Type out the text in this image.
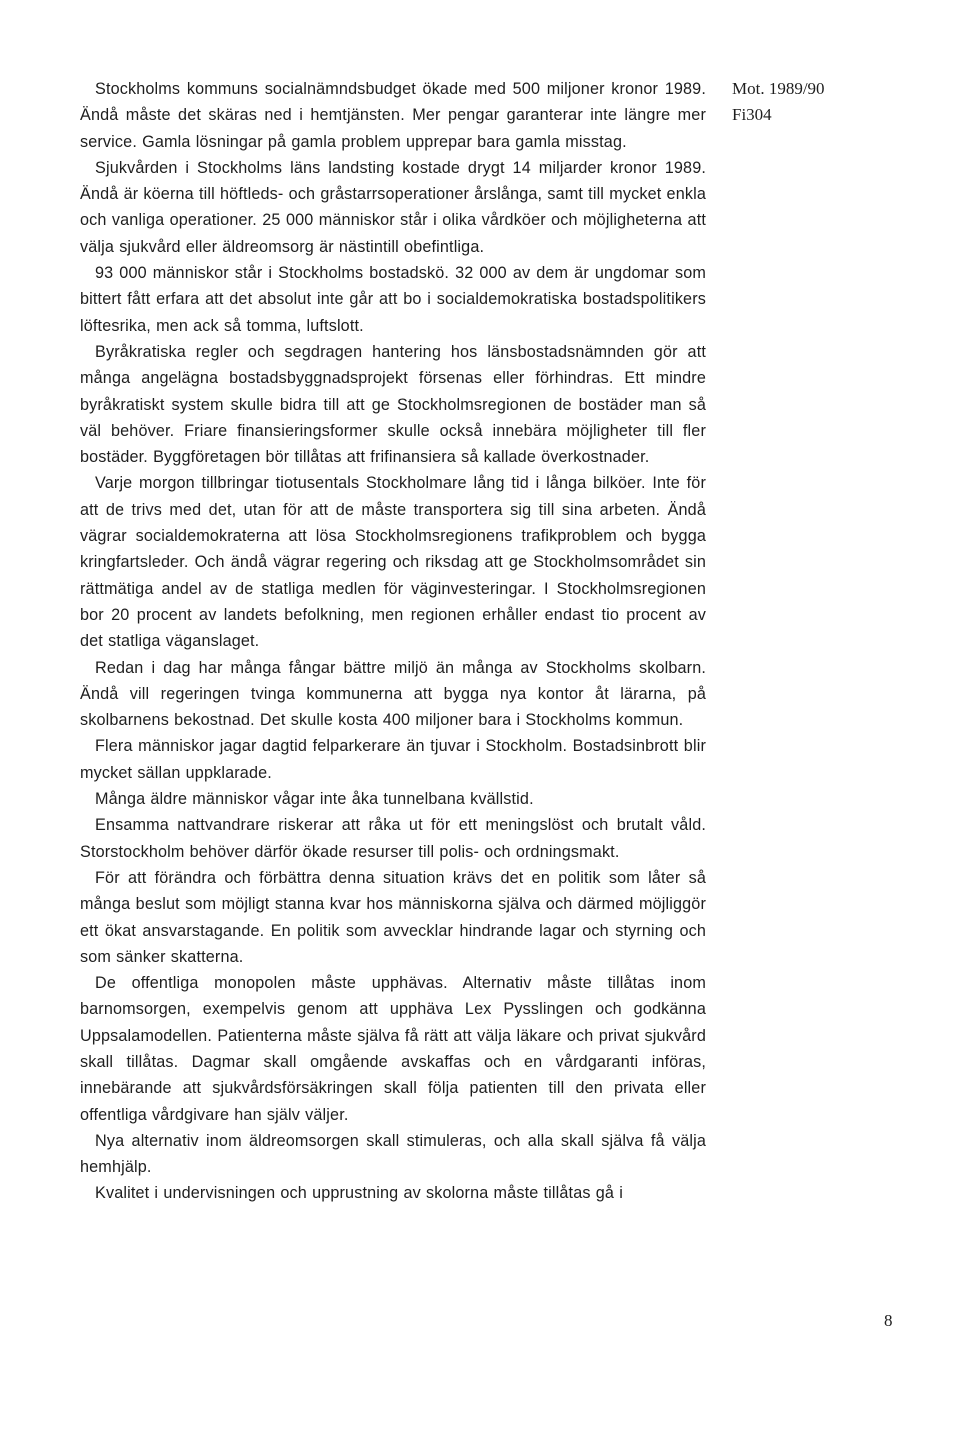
Stockholms kommuns socialnämndsbudget ökade med 500 miljoner kronor 1989. Ändå måste det skäras ned i hemtjänsten. Mer pengar garanterar inte längre mer service. Gamla lösningar på gamla problem upprepar bara gamla misstag.

Sjukvården i Stockholms läns landsting kostade drygt 14 miljarder kronor 1989. Ändå är köerna till höftleds- och gråstarrsoperationer årslånga, samt till mycket enkla och vanliga operationer. 25 000 människor står i olika vårdköer och möjligheterna att välja sjukvård eller äldreomsorg är nästintill obefintliga.

93 000 människor står i Stockholms bostadskö. 32 000 av dem är ungdomar som bittert fått erfara att det absolut inte går att bo i socialdemokratiska bostadspolitikers löftesrika, men ack så tomma, luftslott.

Byråkratiska regler och segdragen hantering hos länsbostadsnämnden gör att många angelägna bostadsbyggnadsprojekt försenas eller förhindras. Ett mindre byråkratiskt system skulle bidra till att ge Stockholmsregionen de bostäder man så väl behöver. Friare finansieringsformer skulle också innebära möjligheter till fler bostäder. Byggföretagen bör tillåtas att frifinansiera så kallade överkostnader.

Varje morgon tillbringar tiotusentals Stockholmare lång tid i långa bilköer. Inte för att de trivs med det, utan för att de måste transportera sig till sina arbeten. Ändå vägrar socialdemokraterna att lösa Stockholmsregionens trafikproblem och bygga kringfartsleder. Och ändå vägrar regering och riksdag att ge Stockholmsområdet sin rättmätiga andel av de statliga medlen för väginvesteringar. I Stockholmsregionen bor 20 procent av landets befolkning, men regionen erhåller endast tio procent av det statliga väganslaget.

Redan i dag har många fångar bättre miljö än många av Stockholms skolbarn. Ändå vill regeringen tvinga kommunerna att bygga nya kontor åt lärarna, på skolbarnens bekostnad. Det skulle kosta 400 miljoner bara i Stockholms kommun.

Flera människor jagar dagtid felparkerare än tjuvar i Stockholm. Bostadsinbrott blir mycket sällan uppklarade.

Många äldre människor vågar inte åka tunnelbana kvällstid.

Ensamma nattvandrare riskerar att råka ut för ett meningslöst och brutalt våld. Storstockholm behöver därför ökade resurser till polis- och ordningsmakt.

För att förändra och förbättra denna situation krävs det en politik som låter så många beslut som möjligt stanna kvar hos människorna själva och därmed möjliggör ett ökat ansvarstagande. En politik som avvecklar hindrande lagar och styrning och som sänker skatterna.

De offentliga monopolen måste upphävas. Alternativ måste tillåtas inom barnomsorgen, exempelvis genom att upphäva Lex Pysslingen och godkänna Uppsalamodellen. Patienterna måste själva få rätt att välja läkare och privat sjukvård skall tillåtas. Dagmar skall omgående avskaffas och en vårdgaranti införas, innebärande att sjukvårdsförsäkringen skall följa patienten till den privata eller offentliga vårdgivare han själv väljer.

Nya alternativ inom äldreomsorgen skall stimuleras, och alla skall själva få välja hemhjälp.

Kvalitet i undervisningen och upprustning av skolorna måste tillåtas gå i

Mot. 1989/90
Fi304
8
